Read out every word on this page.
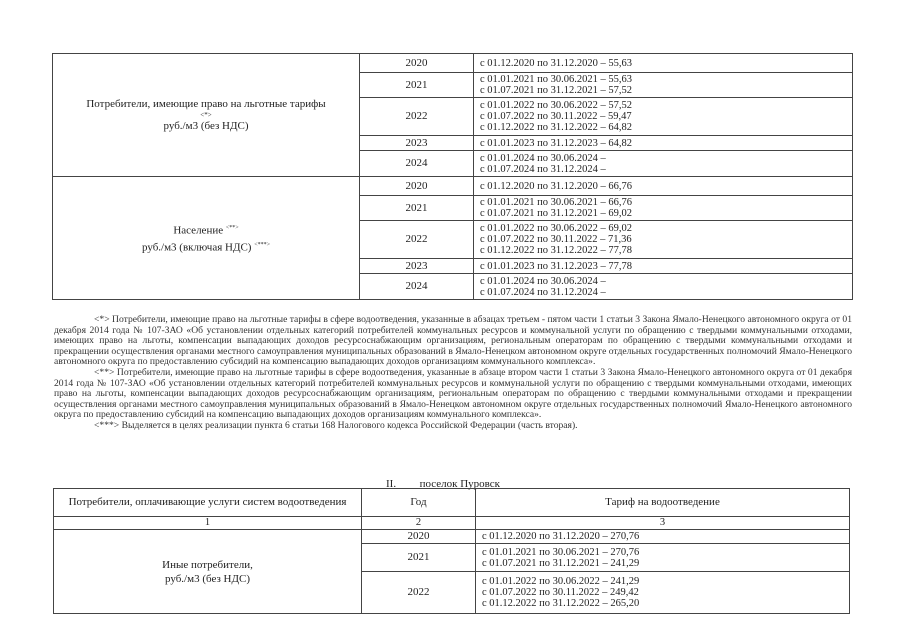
Потребители, имеющие право на льготные тарифы
<*>
руб./м3 (без НДС)	2020	с 01.12.2020 по 31.12.2020 – 55,63

	2021	с 01.01.2021 по 30.06.2021 – 55,63
с 01.07.2021 по 31.12.2021 – 57,52

	2022	с 01.01.2022 по 30.06.2022 – 57,52
с 01.07.2022 по 30.11.2022 – 59,47
с 01.12.2022 по 31.12.2022 – 64,82

	2023	с 01.01.2023 по 31.12.2023 – 64,82

	2024	с 01.01.2024 по 30.06.2024 –
с 01.07.2024 по 31.12.2024 –

Население <**>
руб./м3 (включая НДС) <***>	2020	с 01.12.2020 по 31.12.2020 – 66,76

	2021	с 01.01.2021 по 30.06.2021 – 66,76
с 01.07.2021 по 31.12.2021 – 69,02

	2022	с 01.01.2022 по 30.06.2022 – 69,02
с 01.07.2022 по 30.11.2022 – 71,36
с 01.12.2022 по 31.12.2022 – 77,78

	2023	с 01.01.2023 по 31.12.2023 – 77,78

	2024	с 01.01.2024 по 30.06.2024 –
с 01.07.2024 по 31.12.2024 –

<*> Потребители, имеющие право на льготные тарифы в сфере водоотведения, указанные в абзацах третьем - пятом части 1 статьи 3 Закона Ямало-Ненецкого автономного округа от 01 декабря 2014 года № 107-ЗАО «Об установлении отдельных категорий потребителей коммунальных ресурсов и коммунальной услуги по обращению с твердыми коммунальными отходами, имеющих право на льготы, компенсации выпадающих доходов ресурсоснабжающим организациям, региональным операторам по обращению с твердыми коммунальными отходами и прекращении осуществления органами местного самоуправления муниципальных образований в Ямало-Ненецком автономном округе отдельных государственных полномочий Ямало-Ненецкого автономного округа по предоставлению субсидий на компенсацию выпадающих доходов организациям коммунального комплекса».

<**> Потребители, имеющие право на льготные тарифы в сфере водоотведения, указанные в абзаце втором части 1 статьи 3 Закона Ямало-Ненецкого автономного округа от 01 декабря 2014 года № 107-ЗАО «Об установлении отдельных категорий потребителей коммунальных ресурсов и коммунальной услуги по обращению с твердыми коммунальными отходами, имеющих право на льготы, компенсации выпадающих доходов ресурсоснабжающим организациям, региональным операторам по обращению с твердыми коммунальными отходами и прекращении осуществления органами местного самоуправления муниципальных образований в Ямало-Ненецком автономном округе отдельных государственных полномочий Ямало-Ненецкого автономного округа по предоставлению субсидий на компенсацию выпадающих доходов организациям коммунального комплекса».

<***> Выделяется в целях реализации пункта 6 статьи 168 Налогового кодекса Российской Федерации (часть вторая).

II. поселок Пуровск
Потребители, оплачивающие услуги систем водоотведения	Год	Тариф на водоотведение
1	2	3

Иные потребители,
руб./м3 (без НДС)	2020	с 01.12.2020 по 31.12.2020 – 270,76

	2021	с 01.01.2021 по 30.06.2021 – 270,76
с 01.07.2021 по 31.12.2021 – 241,29

	2022	с 01.01.2022 по 30.06.2022 – 241,29
с 01.07.2022 по 30.11.2022 – 249,42
с 01.12.2022 по 31.12.2022 – 265,20
